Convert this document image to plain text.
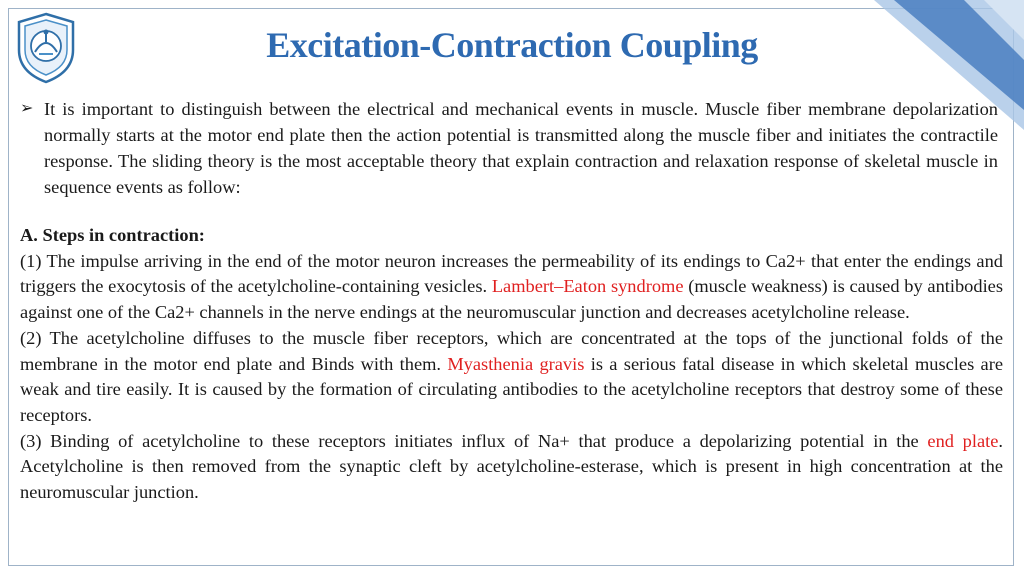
Excitation-Contraction Coupling
➢ It is important to distinguish between the electrical and mechanical events in muscle. Muscle fiber membrane depolarization normally starts at the motor end plate then the action potential is transmitted along the muscle fiber and initiates the contractile response. The sliding theory is the most acceptable theory that explain contraction and relaxation response of skeletal muscle in sequence events as follow:

A. Steps in contraction:

(1) The impulse arriving in the end of the motor neuron increases the permeability of its endings to Ca2+ that enter the endings and triggers the exocytosis of the acetylcholine-containing vesicles. Lambert–Eaton syndrome (muscle weakness) is caused by antibodies against one of the Ca2+ channels in the nerve endings at the neuromuscular junction and decreases acetylcholine release.

(2) The acetylcholine diffuses to the muscle fiber receptors, which are concentrated at the tops of the junctional folds of the membrane in the motor end plate and Binds with them. Myasthenia gravis is a serious fatal disease in which skeletal muscles are weak and tire easily. It is caused by the formation of circulating antibodies to the acetylcholine receptors that destroy some of these receptors.

(3) Binding of acetylcholine to these receptors initiates influx of Na+ that produce a depolarizing potential in the end plate. Acetylcholine is then removed from the synaptic cleft by acetylcholine-esterase, which is present in high concentration at the neuromuscular junction.
